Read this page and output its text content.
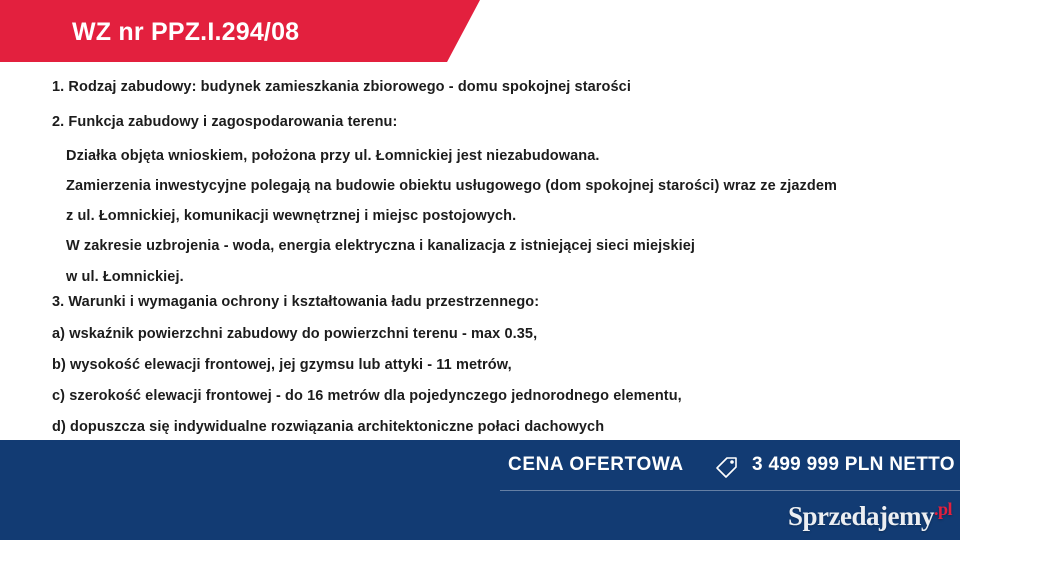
WZ nr PPZ.I.294/08
1. Rodzaj zabudowy: budynek zamieszkania zbiorowego - domu spokojnej starości
2. Funkcja zabudowy i zagospodarowania terenu:
Działka objęta wnioskiem, położona przy ul. Łomnickiej jest niezabudowana.
Zamierzenia inwestycyjne polegają na budowie obiektu usługowego (dom spokojnej starości) wraz ze zjazdem
z ul. Łomnickiej, komunikacji wewnętrznej i miejsc postojowych.
W zakresie uzbrojenia - woda, energia elektryczna i kanalizacja z istniejącej sieci miejskiej
w ul. Łomnickiej.
3. Warunki i wymagania ochrony i kształtowania ładu przestrzennego:
a) wskaźnik powierzchni zabudowy do powierzchni terenu - max 0.35,
b) wysokość elewacji frontowej, jej gzymsu lub attyki - 11 metrów,
c) szerokość elewacji frontowej - do 16 metrów dla pojedynczego jednorodnego elementu,
d) dopuszcza się indywidualne rozwiązania architektoniczne połaci dachowych
CENA OFERTOWA	3 499 999 PLN NETTO
BEZPOŚREDNIO	(+48) 515 295 077
Sprzedajemy$^{.pl}$
